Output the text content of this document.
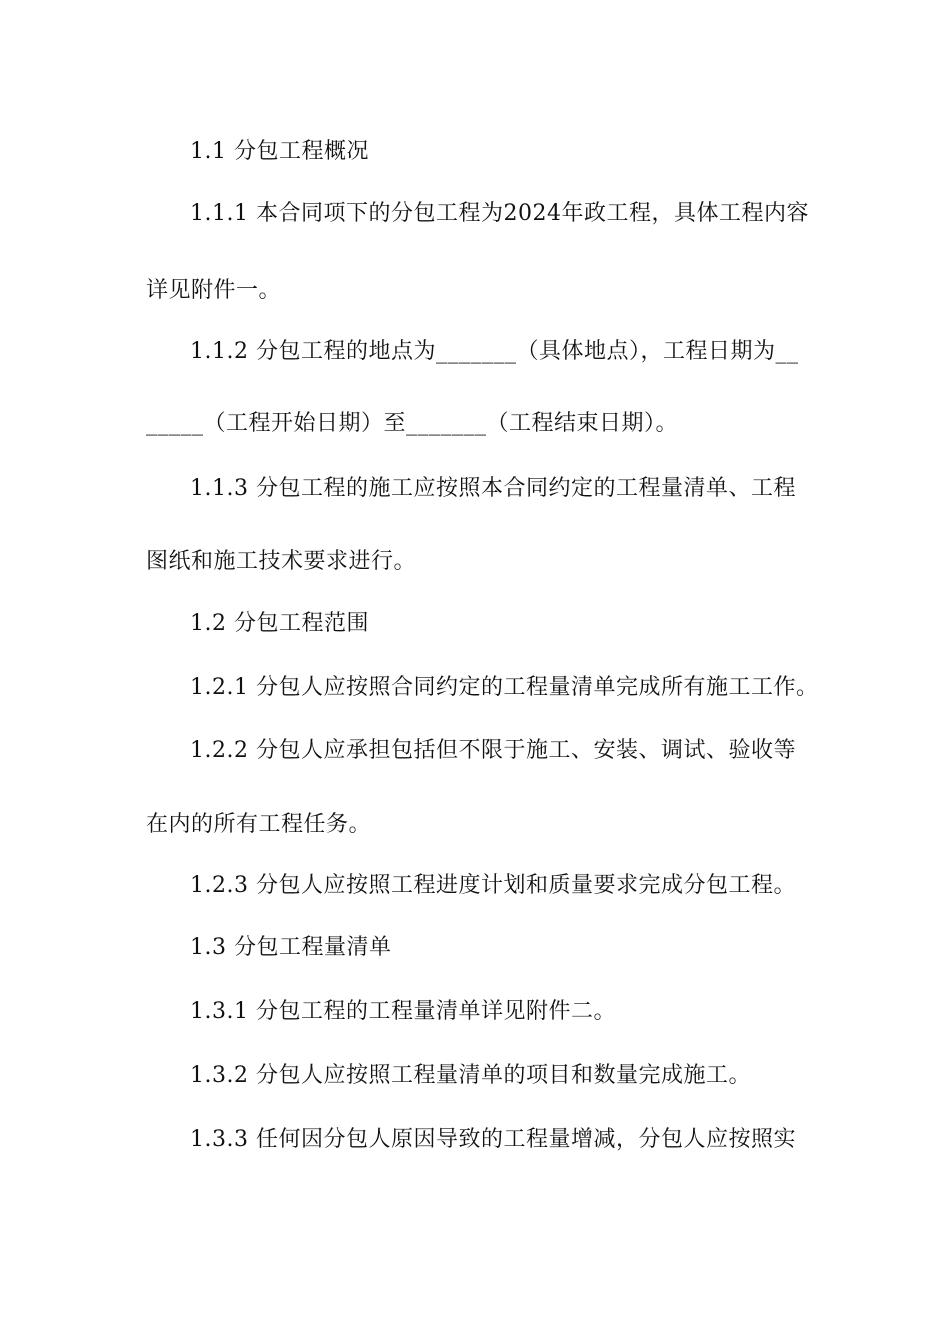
1.1 分包工程概况
1.1.1 本合同项下的分包工程为2024年政工程，具体工程内容
详见附件一。
1.1.2 分包工程的地点为_______（具体地点），工程日期为__
_____（工程开始日期）至_______（工程结束日期）。
1.1.3 分包工程的施工应按照本合同约定的工程量清单、工程
图纸和施工技术要求进行。
1.2 分包工程范围
1.2.1 分包人应按照合同约定的工程量清单完成所有施工工作。
1.2.2 分包人应承担包括但不限于施工、安装、调试、验收等
在内的所有工程任务。
1.2.3 分包人应按照工程进度计划和质量要求完成分包工程。
1.3 分包工程量清单
1.3.1 分包工程的工程量清单详见附件二。
1.3.2 分包人应按照工程量清单的项目和数量完成施工。
1.3.3 任何因分包人原因导致的工程量增减，分包人应按照实
